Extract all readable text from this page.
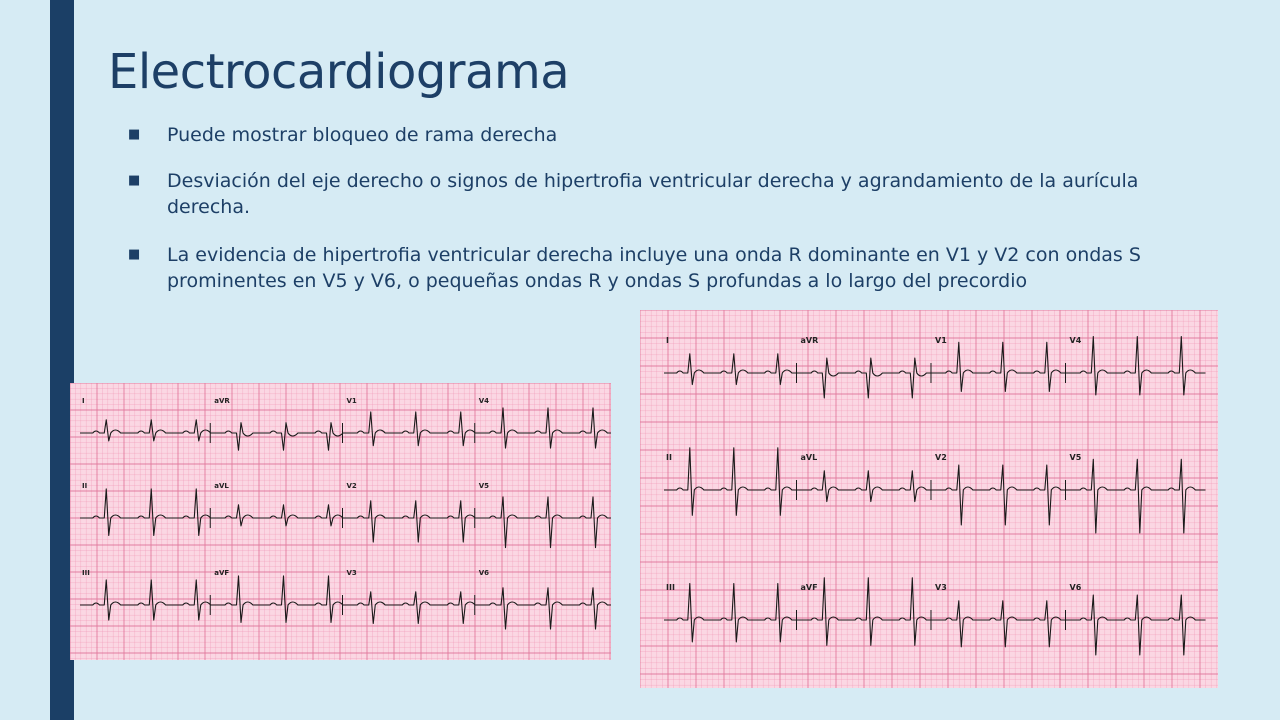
Electrocardiograma
■	Puede mostrar bloqueo de rama derecha
■	Desviación del eje derecho o signos de hipertrofia ventricular derecha y agrandamiento de la aurícula derecha.
■	La evidencia de hipertrofia ventricular derecha incluye una onda R dominante en V1 y V2 con ondas S prominentes en V5 y V6, o pequeñas ondas R y ondas S profundas a lo largo del precordio
I	aVR	V1	V4
II	aVL	V2	V5
III	aVF	V3	V6
I	aVR	V1	V4
II	aVL	V2	V5
III	aVF	V3	V6
